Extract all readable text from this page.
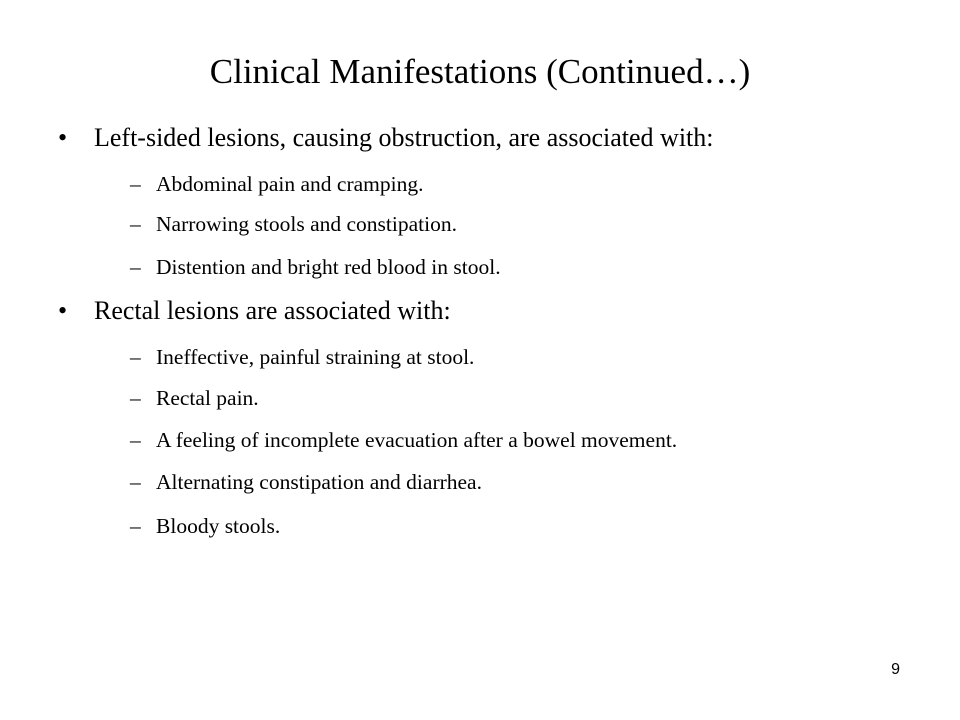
Clinical Manifestations (Continued…)
• Left-sided lesions, causing obstruction, are associated with:
– Abdominal pain and cramping.
– Narrowing stools and constipation.
– Distention and bright red blood in stool.
• Rectal lesions are associated with:
– Ineffective, painful straining at stool.
– Rectal pain.
– A feeling of incomplete evacuation after a bowel movement.
– Alternating constipation and diarrhea.
– Bloody stools.
9
